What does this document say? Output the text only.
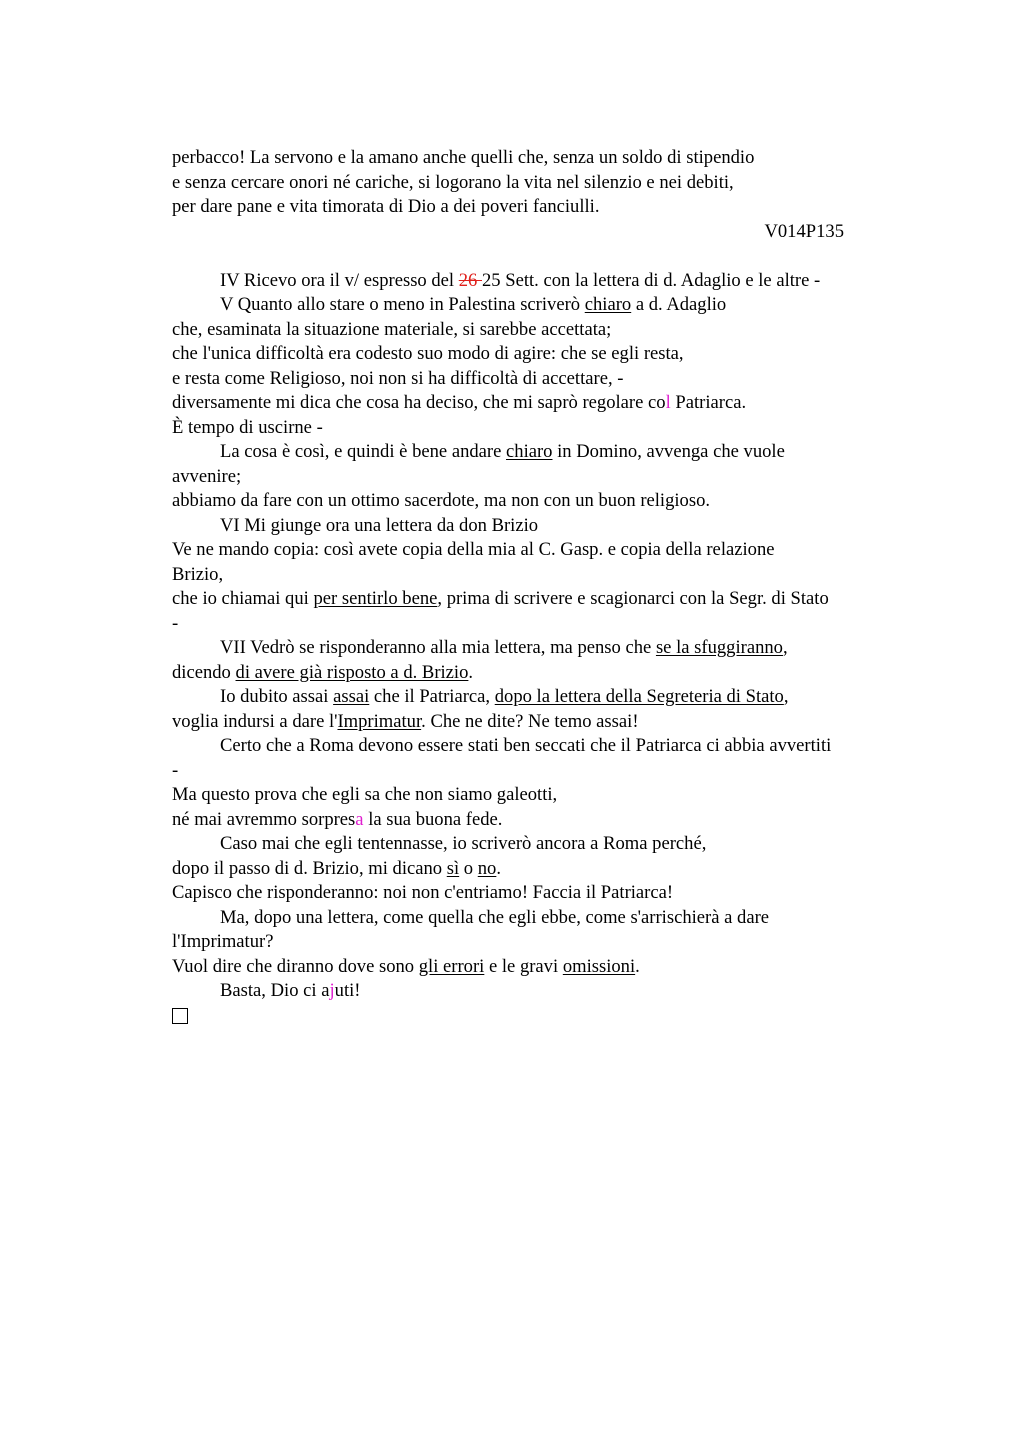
perbacco! La servono e la amano anche quelli che, senza un soldo di stipendio
e senza cercare onori né cariche, si logorano la vita nel silenzio e nei debiti,
per dare pane e vita timorata di Dio a dei poveri fanciulli.
V014P135
IV Ricevo ora il v/ espresso del 26 25 Sett. con la lettera di d. Adaglio e le altre -
V Quanto allo stare o meno in Palestina scriverò chiaro a d. Adaglio
che, esaminata la situazione materiale, si sarebbe accettata;
che l'unica difficoltà era codesto suo modo di agire: che se egli resta,
e resta come Religioso, noi non si ha difficoltà di accettare, -
diversamente mi dica che cosa ha deciso, che mi saprò regolare col Patriarca.
È tempo di uscirne -
La cosa è così, e quindi è bene andare chiaro in Domino, avvenga che vuole
avvenire;
abbiamo da fare con un ottimo sacerdote, ma non con un buon religioso.
VI Mi giunge ora una lettera da don Brizio
Ve ne mando copia: così avete copia della mia al C. Gasp. e copia della relazione
Brizio,
che io chiamai qui per sentirlo bene, prima di scrivere e scagionarci con la Segr. di Stato
-
VII Vedrò se risponderanno alla mia lettera, ma penso che se la sfuggiranno,
dicendo di avere già risposto a d. Brizio.
Io dubito assai assai che il Patriarca, dopo la lettera della Segreteria di Stato,
voglia indursi a dare l'Imprimatur. Che ne dite? Ne temo assai!
Certo che a Roma devono essere stati ben seccati che il Patriarca ci abbia avvertiti
-
Ma questo prova che egli sa che non siamo galeotti,
né mai avremmo sorpresa la sua buona fede.
Caso mai che egli tentennasse, io scriverò ancora a Roma perché,
dopo il passo di d. Brizio, mi dicano sì o no.
Capisco che risponderanno: noi non c'entriamo! Faccia il Patriarca!
Ma, dopo una lettera, come quella che egli ebbe, come s'arrischierà a dare
l'Imprimatur?
Vuol dire che diranno dove sono gli errori e le gravi omissioni.
Basta, Dio ci ajuti!
